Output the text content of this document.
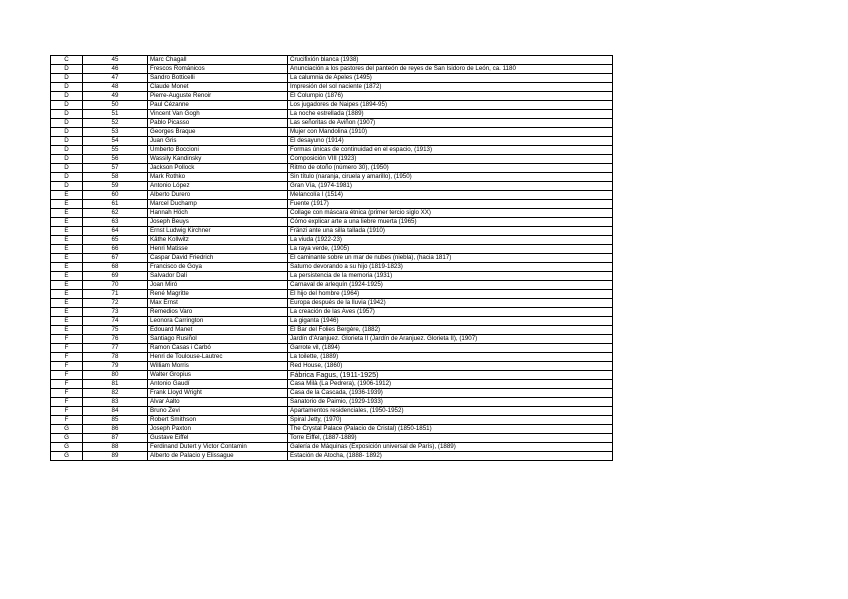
C	45	Marc Chagall	Crucifixión blanca (1938)
D	46	Frescos Románicos	Anunciación a los pastores del panteón de reyes de San Isidoro de León, ca. 1180
D	47	Sandro Botticelli	La calumnia de Apeles (1495)
D	48	Claude Monet	Impresión del sol naciente (1872)
D	49	Pierre-Auguste Renoir	El Columpio (1876)
D	50	Paul Cézanne	Los jugadores de Naipes (1894-95)
D	51	Vincent Van Gogh	La noche estrellada (1889)
D	52	Pablo Picasso	Las señoritas de Aviñon (1907)
D	53	Georges Braque	Mujer con Mandolina (1910)
D	54	Juan Gris	El desayuno (1914)
D	55	Umberto Boccioni	Formas únicas de continuidad en el espacio, (1913)
D	56	Wassily Kandinsky	Composición VIII (1923)
D	57	Jackson Pollock	Ritmo de otoño (número 30), (1950)
D	58	Mark Rothko	Sin título (naranja, ciruela y amarillo), (1950)
D	59	Antonio López	Gran Vía, (1974-1981)
E	60	Alberto Durero	Melancolía I (1514)
E	61	Marcel Duchamp	Fuente (1917)
E	62	Hannah Höch	Collage con máscara étnica (primer tercio siglo XX)
E	63	Joseph Beuys	Cómo explicar arte a una liebre muerta (1965)
E	64	Ernst Ludwig Kirchner	Fränzi ante una silla tallada (1910)
E	65	Käthe Kollwitz	La viuda (1922-23)
E	66	Henri Matisse	La raya verde, (1905)
E	67	Caspar David Friedrich	El caminante sobre un mar de nubes (niebla), (hacia 1817)
E	68	Francisco de Goya	Saturno devorando a su hijo (1819-1823)
E	69	Salvador Dalí	La persistencia de la memoria (1931)
E	70	Joan Miró	Carnaval de arlequín (1924-1925)
E	71	René Magritte	El hijo del hombre (1964)
E	72	Max Ernst	Europa después de la lluvia (1942)
E	73	Remedios Varo	La creación de las Aves (1957)
E	74	Leonora Carrington	La giganta (1946)
E	75	Édouard Manet	El Bar del Folies Bergère, (1882)
F	76	Santiago Rusiñol	Jardín d'Aranjuez. Glorieta II (Jardín de Aranjuez. Glorieta II), (1907)
F	77	Ramon Casas i Carbó	Garrote vil, (1894)
F	78	Henri de Toulouse-Lautrec	La toilette, (1889)
F	79	William Morris	Red House, (1860)
F	80	Walter Gropius	Fábrica Fagus, (1911-1925)
F	81	Antonio Gaudí	Casa Milà (La Pedrera), (1906-1912)
F	82	Frank Lloyd Wright	Casa de la Cascada, (1936-1939)
F	83	Alvar Aalto	Sanatorio de Paimio, (1929-1933)
F	84	Bruno Zevi	Apartamentos residenciales, (1950-1952)
F	85	Robert Smithson	Spiral Jetty, (1970)
G	86	Joseph Paxton	The Crystal Palace (Palacio de Cristal) (1850-1851)
G	87	Gustave Eiffel	Torre Eiffel, (1887-1889)
G	88	Ferdinand Dutert y Victor Contamin	Galería de Máquinas (Exposición universal de París), (1889)
G	89	Alberto de Palacio y Elissague	Estación de Atocha, (1888- 1892)
